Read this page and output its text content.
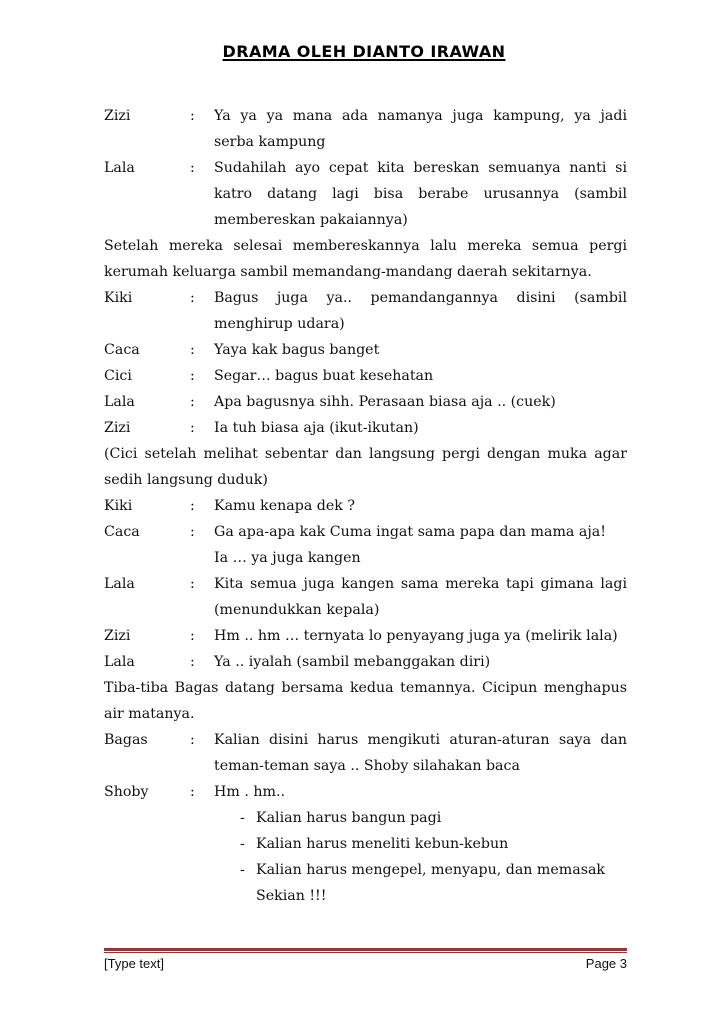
DRAMA OLEH DIANTO IRAWAN
Zizi	: Ya ya ya mana ada namanya juga kampung, ya jadi
serba kampung
Lala	: Sudahilah ayo cepat kita bereskan semuanya nanti si
katro datang lagi bisa berabe urusannya (sambil
membereskan pakaiannya)
Setelah mereka selesai membereskannya lalu mereka semua pergi
kerumah keluarga sambil memandang-mandang daerah sekitarnya.
Kiki	: Bagus juga ya.. pemandangannya disini (sambil
menghirup udara)
Caca	: Yaya kak bagus banget
Cici	: Segar… bagus buat kesehatan
Lala	: Apa bagusnya sihh. Perasaan biasa aja .. (cuek)
Zizi	: Ia tuh biasa aja (ikut-ikutan)
(Cici setelah melihat sebentar dan langsung pergi dengan muka agar
sedih langsung duduk)
Kiki	: Kamu kenapa dek ?
Caca	: Ga apa-apa kak Cuma ingat sama papa dan mama aja!
Ia … ya juga kangen
Lala	: Kita semua juga kangen sama mereka tapi gimana lagi
(menundukkan kepala)
Zizi	: Hm .. hm … ternyata lo penyayang juga ya (melirik lala)
Lala	: Ya .. iyalah (sambil mebanggakan diri)
Tiba-tiba Bagas datang bersama kedua temannya. Cicipun menghapus
air matanya.
Bagas	: Kalian disini harus mengikuti aturan-aturan saya dan
teman-teman saya .. Shoby silahakan baca
Shoby	: Hm . hm..
- Kalian harus bangun pagi
- Kalian harus meneliti kebun-kebun
- Kalian harus mengepel, menyapu, dan memasak
Sekian !!!
[Type text]	Page 3
